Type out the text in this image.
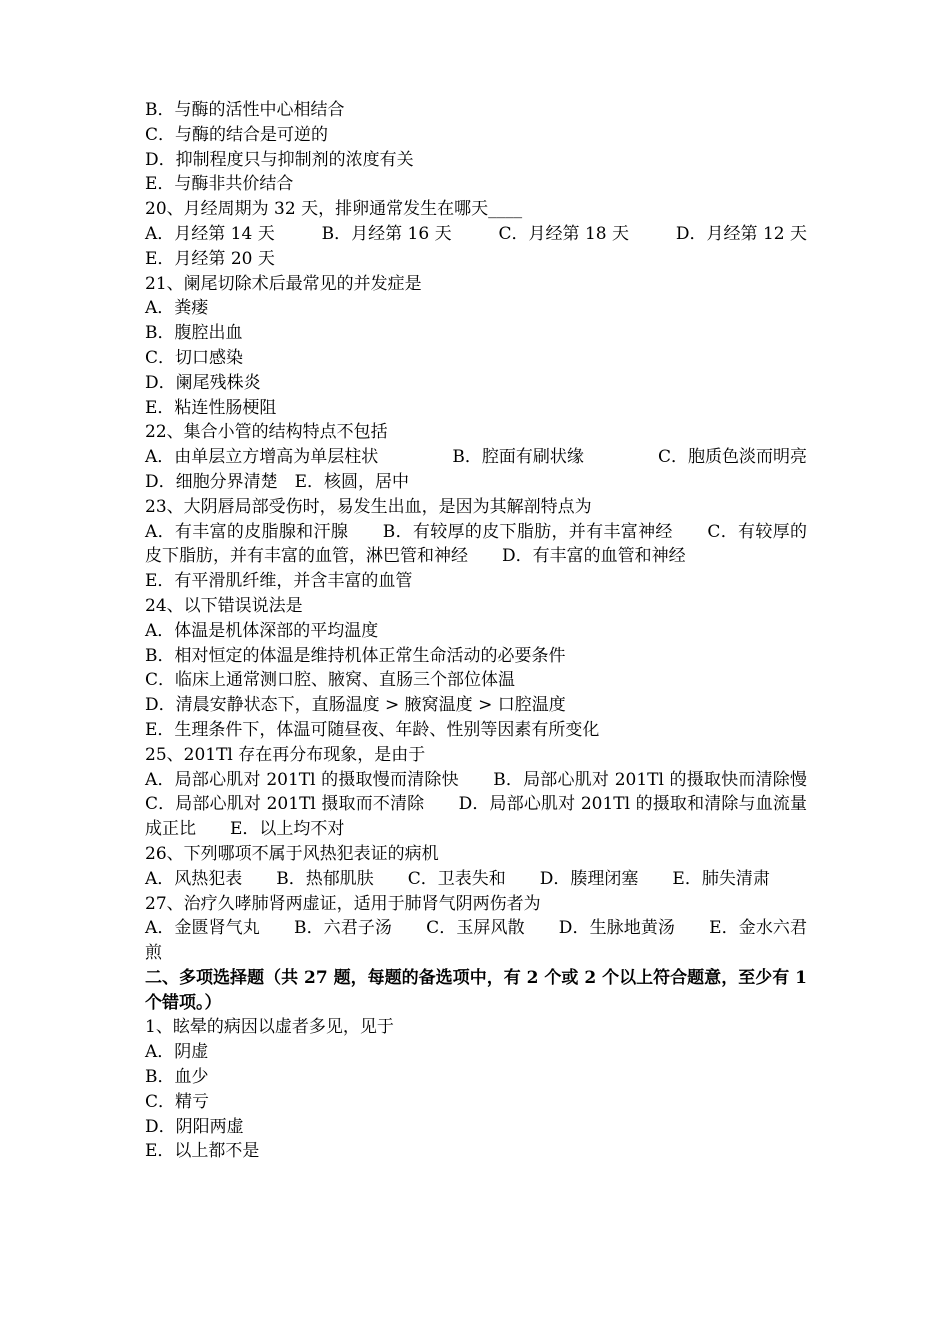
B．与酶的活性中心相结合
C．与酶的结合是可逆的
D．抑制程度只与抑制剂的浓度有关
E．与酶非共价结合
20、月经周期为 32 天，排卵通常发生在哪天____
A．月经第 14 天	B．月经第 16 天	C．月经第 18 天	D．月经第 12 天
E．月经第 20 天
21、阑尾切除术后最常见的并发症是
A．粪瘘
B．腹腔出血
C．切口感染
D．阑尾残株炎
E．粘连性肠梗阻
22、集合小管的结构特点不包括
A．由单层立方增高为单层柱状	B．腔面有刷状缘	C．胞质色淡而明亮
D．细胞分界清楚　E．核圆，居中
23、大阴唇局部受伤时，易发生出血，是因为其解剖特点为
A．有丰富的皮脂腺和汗腺　　B．有较厚的皮下脂肪，并有丰富神经　　C．有较厚的皮下脂肪，并有丰富的血管，淋巴管和神经　　D．有丰富的血管和神经
E．有平滑肌纤维，并含丰富的血管
24、以下错误说法是
A．体温是机体深部的平均温度
B．相对恒定的体温是维持机体正常生命活动的必要条件
C．临床上通常测口腔、腋窝、直肠三个部位体温
D．清晨安静状态下，直肠温度 > 腋窝温度 > 口腔温度
E．生理条件下，体温可随昼夜、年龄、性别等因素有所变化
25、201Tl 存在再分布现象，是由于
A．局部心肌对 201Tl 的摄取慢而清除快　　B．局部心肌对 201Tl 的摄取快而清除慢　　C．局部心肌对 201Tl 摄取而不清除　　D．局部心肌对 201Tl 的摄取和清除与血流量成正比　　E．以上均不对
26、下列哪项不属于风热犯表证的病机
A．风热犯表　　B．热郁肌肤　　C．卫表失和　　D．腠理闭塞　　E．肺失清肃
27、治疗久哮肺肾两虚证，适用于肺肾气阴两伤者为
A．金匮肾气丸　　B．六君子汤　　C．玉屏风散　　D．生脉地黄汤　　E．金水六君煎
二、多项选择题（共 27 题，每题的备选项中，有 2 个或 2 个以上符合题意，至少有 1 个错项。）
1、眩晕的病因以虚者多见，见于
A．阴虚
B．血少
C．精亏
D．阴阳两虚
E．以上都不是
